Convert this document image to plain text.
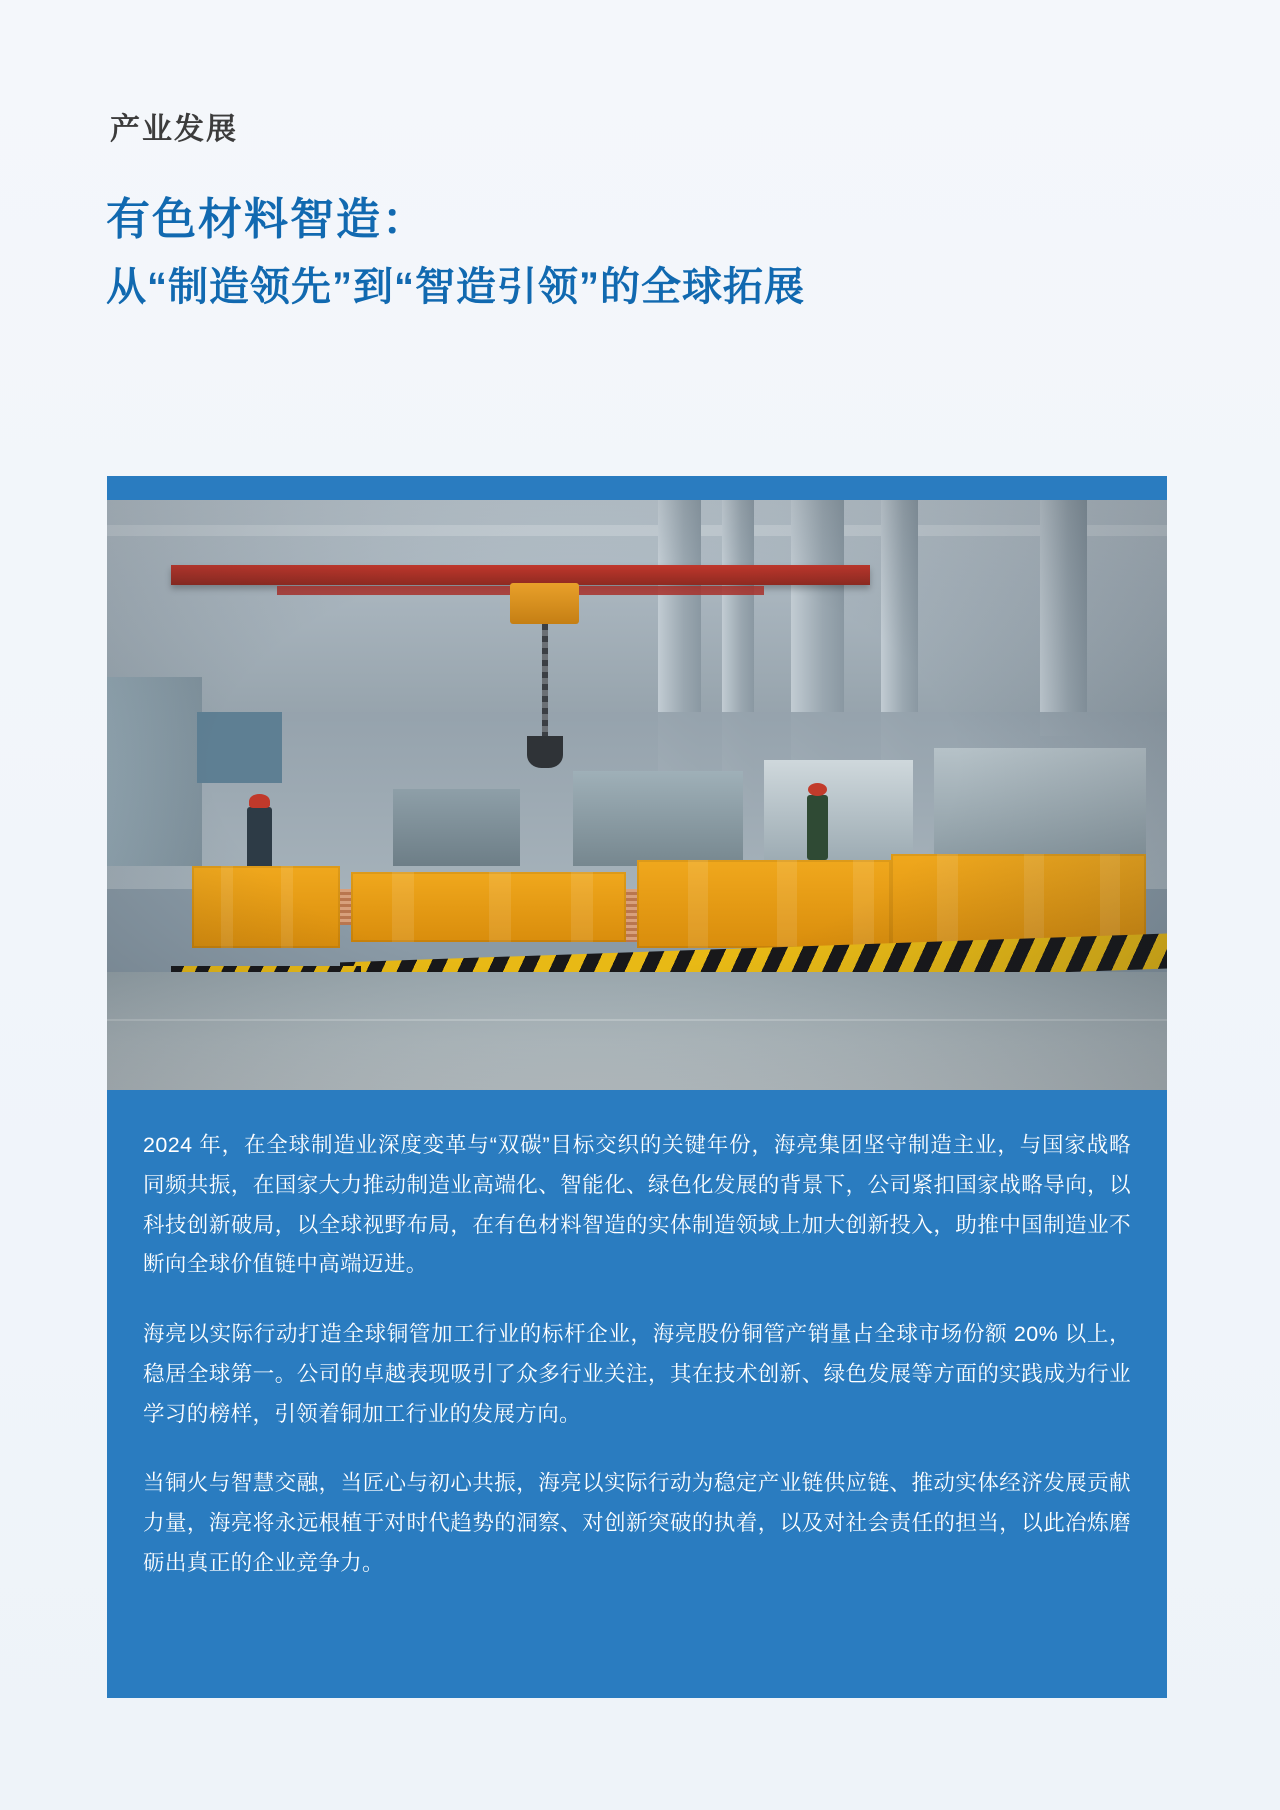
产业发展
有色材料智造：
从“制造领先”到“智造引领”的全球拓展

2024 年，在全球制造业深度变革与“双碳”目标交织的关键年份，海亮集团坚守制造主业，与国家战略同频共振，在国家大力推动制造业高端化、智能化、绿色化发展的背景下，公司紧扣国家战略导向，以科技创新破局，以全球视野布局，在有色材料智造的实体制造领域上加大创新投入，助推中国制造业不断向全球价值链中高端迈进。

海亮以实际行动打造全球铜管加工行业的标杆企业，海亮股份铜管产销量占全球市场份额 20% 以上，稳居全球第一。公司的卓越表现吸引了众多行业关注，其在技术创新、绿色发展等方面的实践成为行业学习的榜样，引领着铜加工行业的发展方向。

当铜火与智慧交融，当匠心与初心共振，海亮以实际行动为稳定产业链供应链、推动实体经济发展贡献力量，海亮将永远根植于对时代趋势的洞察、对创新突破的执着，以及对社会责任的担当，以此冶炼磨砺出真正的企业竞争力。
